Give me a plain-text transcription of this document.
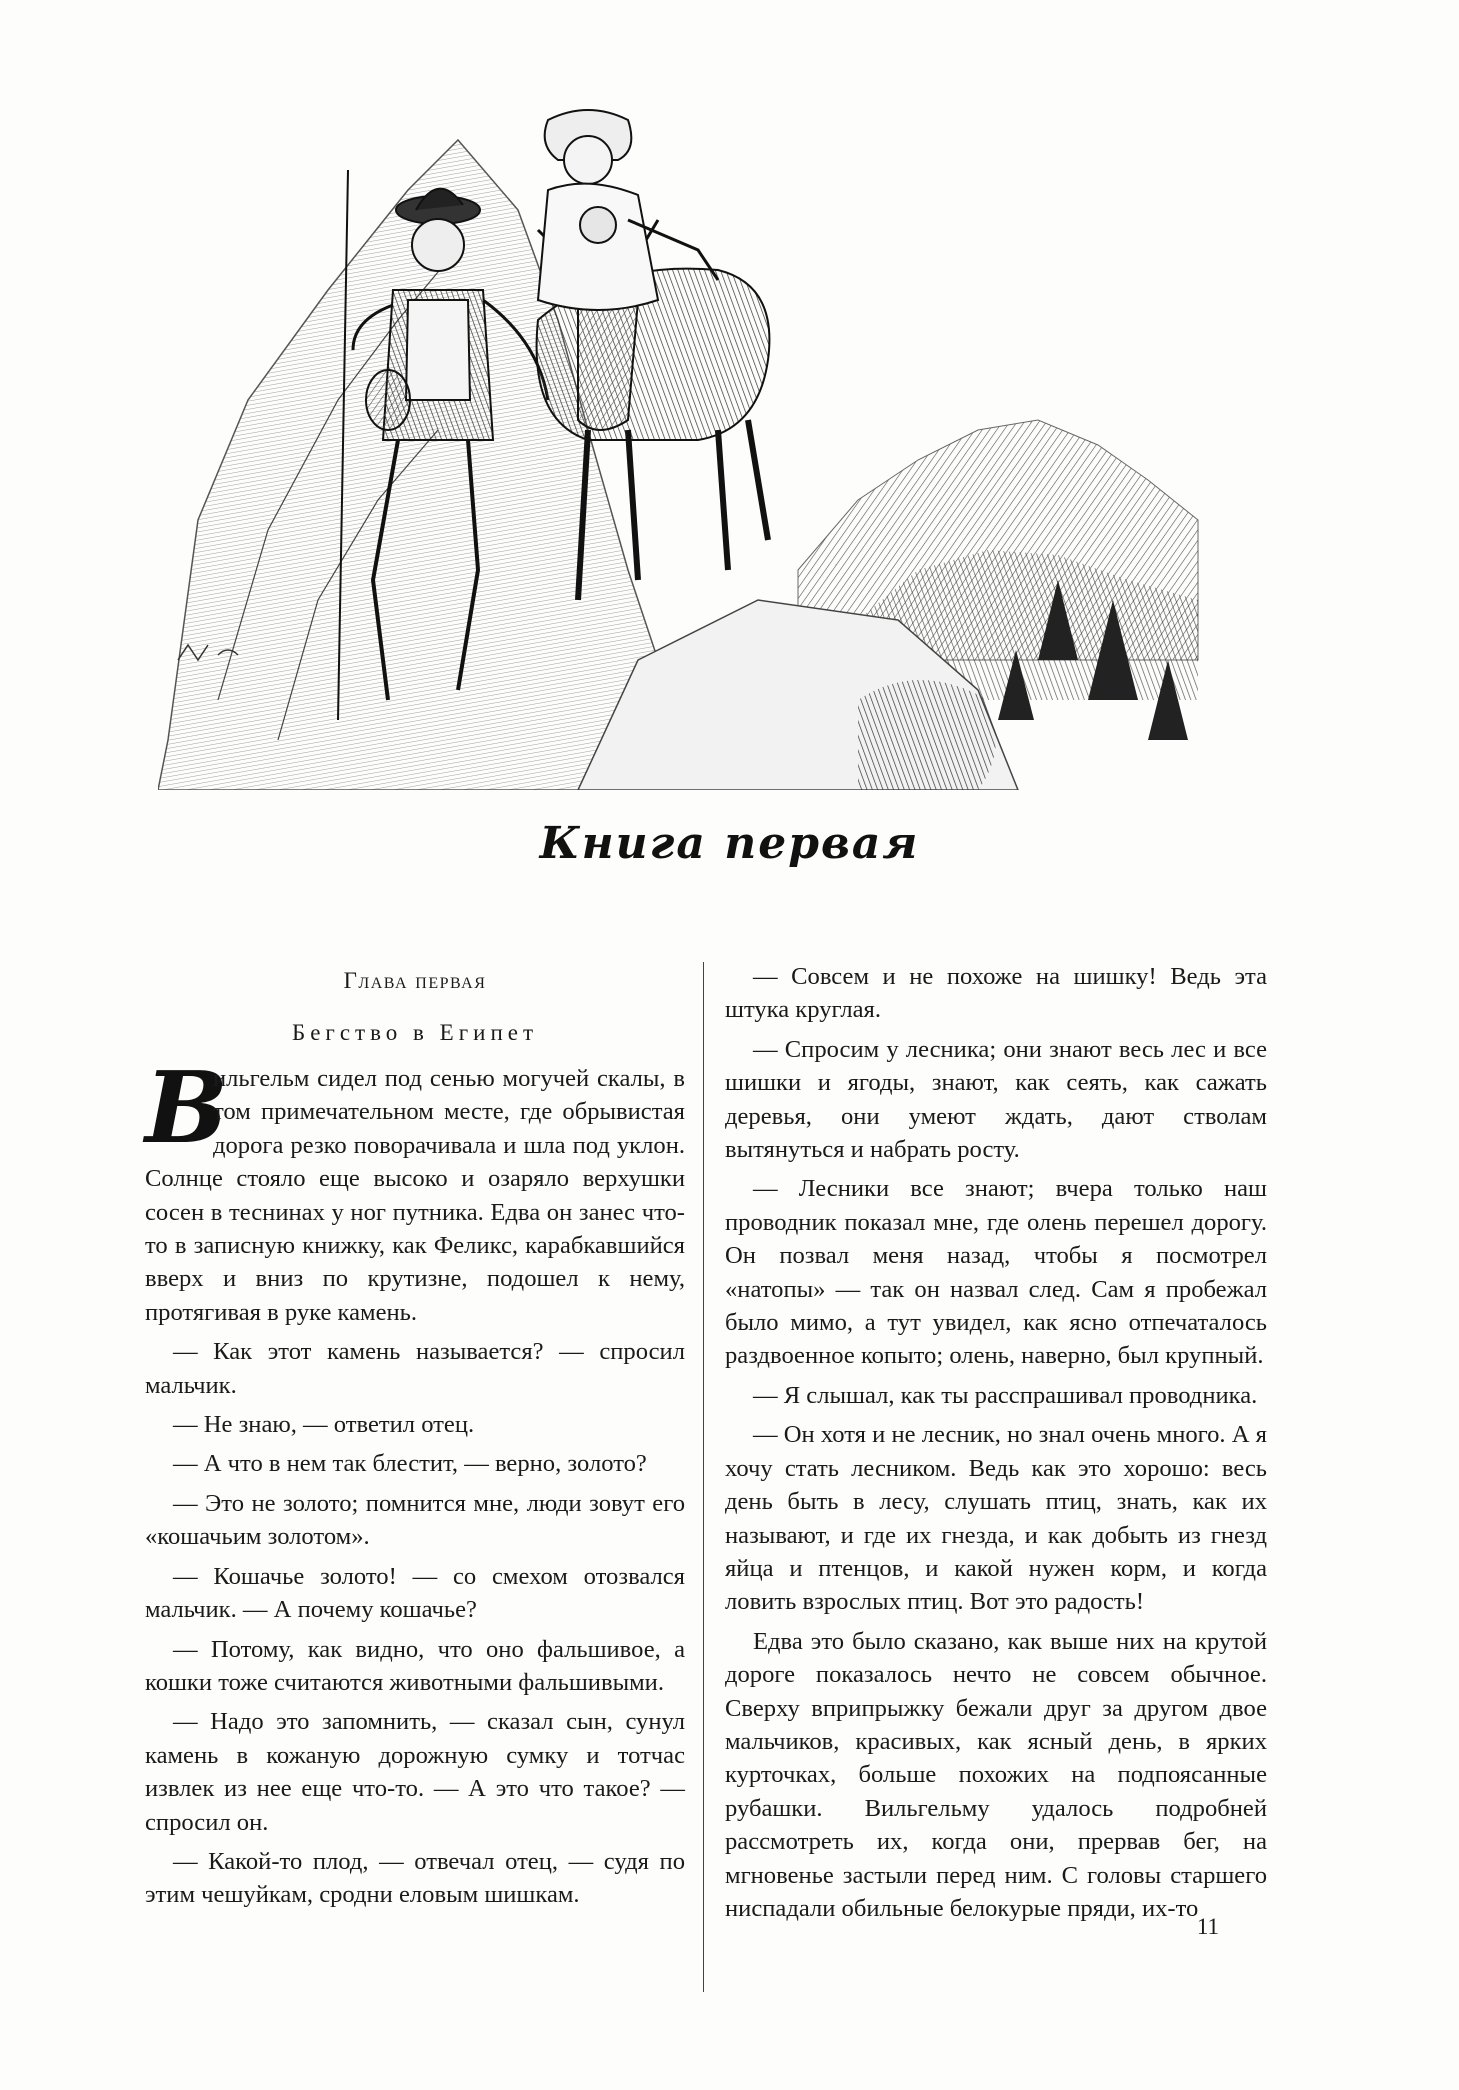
Книга первая
Глава первая
Бегство в Египет

В
ильгельм сидел под сенью могучей скалы, в том примечательном месте, где обрывистая дорога резко поворачивала и шла под уклон. Солнце стояло еще высоко и озаряло верхушки сосен в теснинах у ног путника. Едва он занес что-то в записную книжку, как Феликс, карабкавшийся вверх и вниз по крутизне, подошел к нему, протягивая в руке камень.

— Как этот камень называется? — спросил мальчик.

— Не знаю, — ответил отец.

— А что в нем так блестит, — верно, золото?

— Это не золото; помнится мне, люди зовут его «кошачьим золотом».

— Кошачье золото! — со смехом отозвался мальчик. — А почему кошачье?

— Потому, как видно, что оно фальшивое, а кошки тоже считаются животными фальшивыми.

— Надо это запомнить, — сказал сын, сунул камень в кожаную дорожную сумку и тотчас извлек из нее еще что-то. — А это что такое? — спросил он.

— Какой-то плод, — отвечал отец, — судя по этим чешуйкам, сродни еловым шишкам.

— Совсем и не похоже на шишку! Ведь эта штука круглая.

— Спросим у лесника; они знают весь лес и все шишки и ягоды, знают, как сеять, как сажать деревья, они умеют ждать, дают стволам вытянуться и набрать росту.

— Лесники все знают; вчера только наш проводник показал мне, где олень перешел дорогу. Он позвал меня назад, чтобы я посмотрел «натопы» — так он назвал след. Сам я пробежал было мимо, а тут увидел, как ясно отпечаталось раздвоенное копыто; олень, наверно, был крупный.

— Я слышал, как ты расспрашивал проводника.

— Он хотя и не лесник, но знал очень много. А я хочу стать лесником. Ведь как это хорошо: весь день быть в лесу, слушать птиц, знать, как их называют, и где их гнезда, и как добыть из гнезд яйца и птенцов, и какой нужен корм, и когда ловить взрослых птиц. Вот это радость!

Едва это было сказано, как выше них на крутой дороге показалось нечто не совсем обычное. Сверху вприпрыжку бежали друг за другом двое мальчиков, красивых, как ясный день, в ярких курточках, больше похожих на подпоясанные рубашки. Вильгельму удалось подробней рассмотреть их, когда они, прервав бег, на мгновенье застыли перед ним. С головы старшего ниспадали обильные белокурые пряди, их-то

11
